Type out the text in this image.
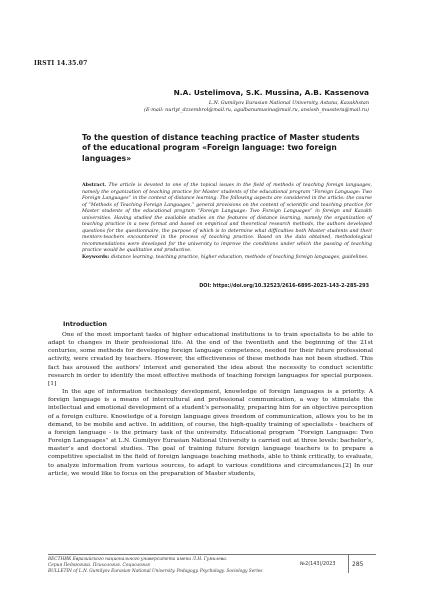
IRSTI 14.35.07
N.A. Ustelimova, S.K. Mussina, A.B. Kassenova
L.N. Gumilyov Eurasian National University, Astana, Kazakhstan
(E-mail: nurlyt_dzzembrol@mail.ru, agulbanumusina@mail.ru, ansissh_musstera@mail.ru)
To the question of distance teaching practice of Master students of the educational program «Foreign language: two foreign languages»

Abstract. The article is devoted to one of the topical issues in the field of methods of teaching foreign languages, namely the organization of teaching practice for Master students of the educational program “Foreign Language: Two Foreign Languages” in the context of distance learning. The following aspects are considered in the article: the course of “Methods of Teaching Foreign Languages,” general provisions on the content of scientific and teaching practice for Master students of the educational program “Foreign Language: Two Foreign Languages” in foreign and Kazakh universities. Having studied the available studies on the features of distance learning, namely the organization of teaching practice in a new format and based on empirical and theoretical research methods, the authors developed questions for the questionnaire, the purpose of which is to determine what difficulties both Master students and their mentors-teachers encountered in the process of teaching practice. Based on the data obtained, methodological recommendations were developed for the university to improve the conditions under which the passing of teaching practice would be qualitative and productive.

Keywords: distance learning, teaching practice, higher education, methods of teaching foreign languages, guidelines.

DOI: https://doi.org/10.32523/2616-6895-2023-143-2-285-293
Introduction

One of the most important tasks of higher educational institutions is to train specialists to be able to adapt to changes in their professional life. At the end of the twentieth and the beginning of the 21st centuries, some methods for developing foreign language competence, needed for their future professional activity, were created by teachers. However, the effectiveness of these methods has not been studied. This fact has aroused the authors’ interest and generated the idea about the necessity to conduct scientific research in order to identify the most effective methods of teaching foreign languages for special purposes. [1]

In the age of information technology development, knowledge of foreign languages is a priority. A foreign language is a means of intercultural and professional communication, a way to stimulate the intellectual and emotional development of a student’s personality, preparing him for an objective perception of a foreign culture. Knowledge of a foreign language gives freedom of communication, allows you to be in demand, to be mobile and active. In addition, of course, the high-quality training of specialists - teachers of a foreign language - is the primary task of the university. Educational program “Foreign Language: Two Foreign Languages” at L.N. Gumilyov Eurasian National University is carried out at three levels: bachelor’s, master’s and doctoral studies. The goal of training future foreign language teachers is to prepare a competitive specialist in the field of foreign language teaching methods, able to think critically, to evaluate, to analyze information from various sources, to adapt to various conditions and circumstances.[2] In our article, we would like to focus on the preparation of Master students,

ВЕСТНИК Евразийского национального университета имени Л.Н. Гумилева.
Серия Педагогика. Психология. Социология
BULLETIN of L.N. Gumilyov Eurasian National University. Pedagogy. Psychology. Sociology Series
№2(143)/2023	285
